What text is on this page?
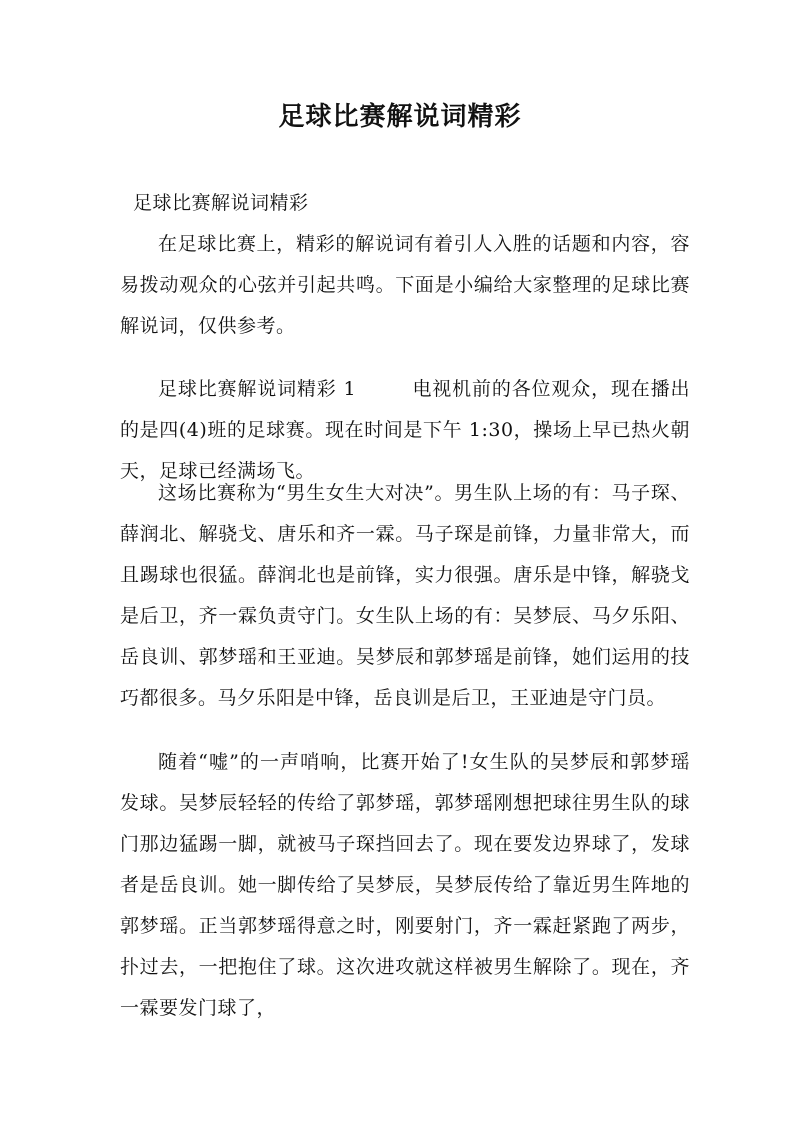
足球比赛解说词精彩
足球比赛解说词精彩
在足球比赛上，精彩的解说词有着引人入胜的话题和内容，容易拨动观众的心弦并引起共鸣。下面是小编给大家整理的足球比赛解说词，仅供参考。
足球比赛解说词精彩 1	电视机前的各位观众，现在播出的是四(4)班的足球赛。现在时间是下午 1:30，操场上早已热火朝天，足球已经满场飞。
这场比赛称为“男生女生大对决”。男生队上场的有：马子琛、薛润北、解骁戈、唐乐和齐一霖。马子琛是前锋，力量非常大，而且踢球也很猛。薛润北也是前锋，实力很强。唐乐是中锋，解骁戈是后卫，齐一霖负责守门。女生队上场的有：吴梦辰、马夕乐阳、岳良训、郭梦瑶和王亚迪。吴梦辰和郭梦瑶是前锋，她们运用的技巧都很多。马夕乐阳是中锋，岳良训是后卫，王亚迪是守门员。
随着“嘘”的一声哨响，比赛开始了!女生队的吴梦辰和郭梦瑶发球。吴梦辰轻轻的传给了郭梦瑶，郭梦瑶刚想把球往男生队的球门那边猛踢一脚，就被马子琛挡回去了。现在要发边界球了，发球者是岳良训。她一脚传给了吴梦辰，吴梦辰传给了靠近男生阵地的郭梦瑶。正当郭梦瑶得意之时，刚要射门，齐一霖赶紧跑了两步，扑过去，一把抱住了球。这次进攻就这样被男生解除了。现在，齐一霖要发门球了，
